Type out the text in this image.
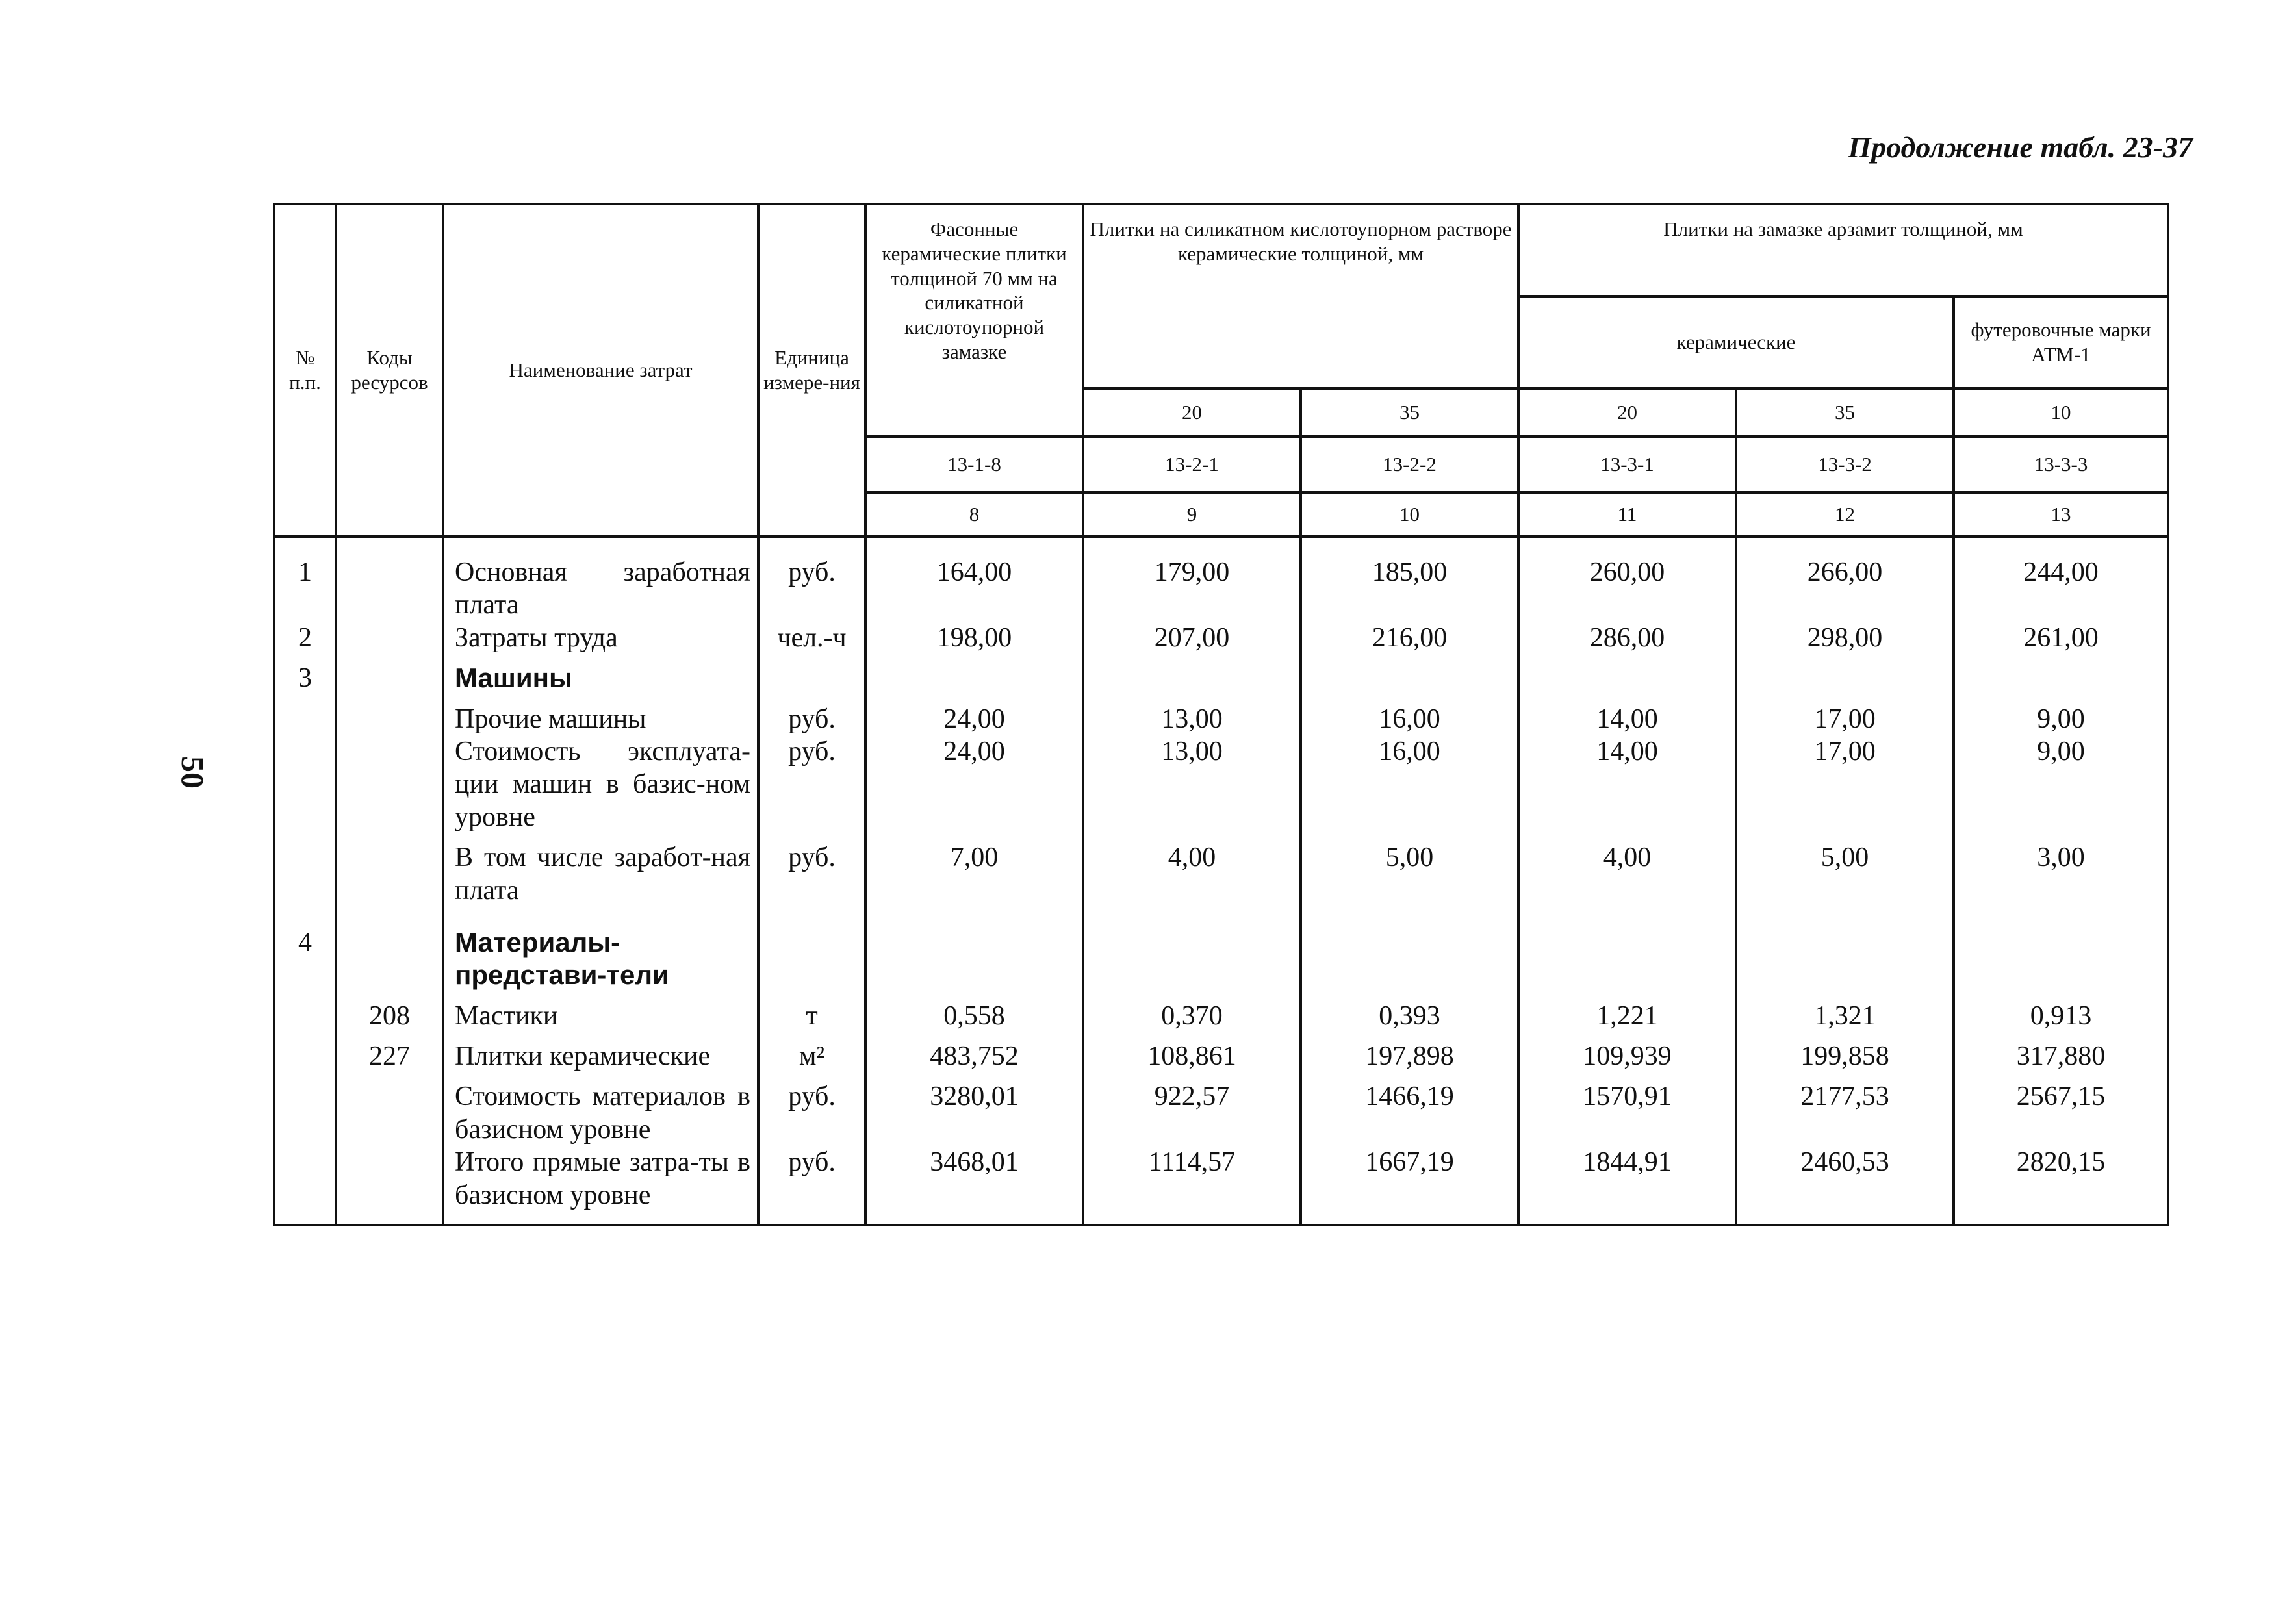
Продолжение табл. 23-37
50
№ п.п.	Коды ресурсов	Наименование затрат	Единица измере-ния	Фасонные керамические плитки толщиной 70 мм на силикатной кислотоупорной замазке	Плитки на силикатном кислотоупорном растворе керамические толщиной, мм		Плитки на замазке арзамит толщиной, мм		
							керамические		футеровочные марки АТМ-1
					20	35	20	35	10
				13-1-8	13-2-1	13-2-2	13-3-1	13-3-2	13-3-3
				8	9	10	11	12	13
1		Основная заработная плата	руб.	164,00	179,00	185,00	260,00	266,00	244,00
2		Затраты труда	чел.-ч	198,00	207,00	216,00	286,00	298,00	261,00

3		Машины							

		Прочие машины	руб.	24,00	13,00	16,00	14,00	17,00	9,00
		Стоимость эксплуата-ции машин в базис-ном уровне	руб.	24,00	13,00	16,00	14,00	17,00	9,00

		В том числе заработ-ная плата	руб.	7,00	4,00	5,00	4,00	5,00	3,00

4		Материалы-представи-тели							

	208	Мастики	т	0,558	0,370	0,393	1,221	1,321	0,913

	227	Плитки керамические	м²	483,752	108,861	197,898	109,939	199,858	317,880

		Стоимость материалов в базисном уровне	руб.	3280,01	922,57	1466,19	1570,91	2177,53	2567,15
		Итого прямые затра-ты в базисном уровне	руб.	3468,01	1114,57	1667,19	1844,91	2460,53	2820,15
